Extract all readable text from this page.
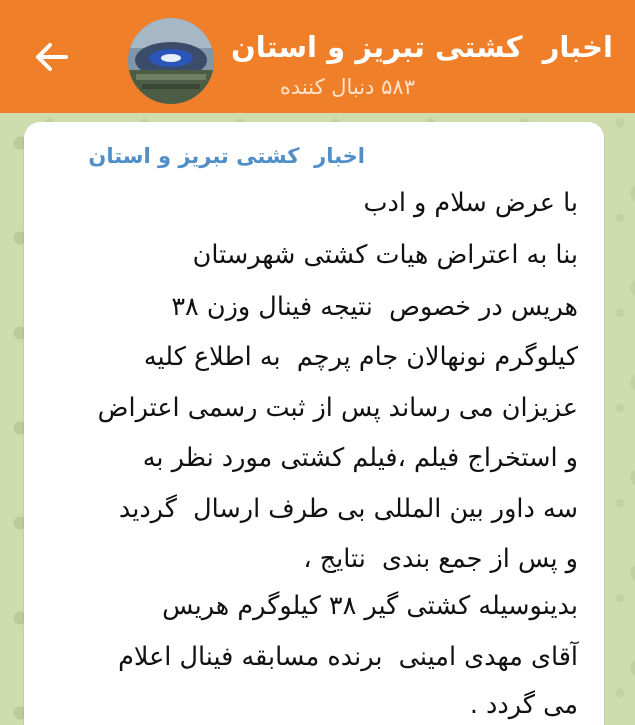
اخبار  کشتی تبریز و استان
۵۸۳ دنبال کننده
اخبار  کشتی تبریز و استان
با عرض سلام و ادب
بنا به اعتراض هیات کشتی شهرستان
هریس در خصوص  نتیجه فینال وزن ۳۸
کیلوگرم نونهالان جام پرچم  به اطلاع کلیه
عزیزان می رساند پس از ثبت رسمی اعتراض
و استخراج فیلم ،فیلم کشتی مورد نظر به
سه داور بین المللی بی طرف ارسال  گردید
و پس از جمع بندی  نتایج ،
بدینوسیله کشتی گیر ۳۸ کیلوگرم هریس
آقای مهدی امینی  برنده مسابقه فینال اعلام
می گردد .
